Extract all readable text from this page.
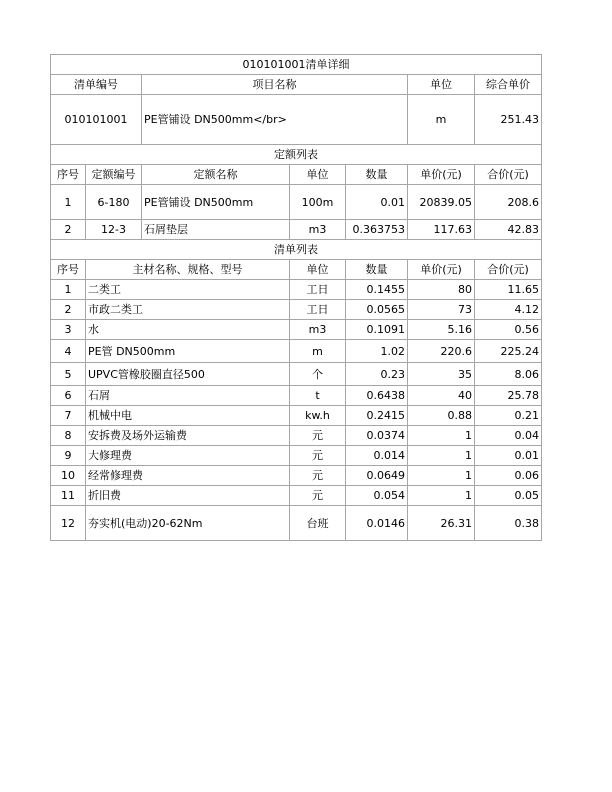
010101001清单详细						
清单编号		项目名称			单位	综合单价
010101001		PE管铺设 DN500mm</br>			m	251.43
定额列表						
序号	定额编号	定额名称	单位	数量	单价(元)	合价(元)
1	6-180	PE管铺设 DN500mm	100m	0.01	20839.05	208.6
2	12-3	石屑垫层	m3	0.363753	117.63	42.83
清单列表						
序号	主材名称、规格、型号		单位	数量	单价(元)	合价(元)
1	二类工		工日	0.1455	80	11.65
2	市政二类工		工日	0.0565	73	4.12
3	水		m3	0.1091	5.16	0.56
4	PE管 DN500mm		m	1.02	220.6	225.24
5	UPVC管橡胶圈直径500		个	0.23	35	8.06
6	石屑		t	0.6438	40	25.78
7	机械中电		kw.h	0.2415	0.88	0.21
8	安拆费及场外运输费		元	0.0374	1	0.04
9	大修理费		元	0.014	1	0.01
10	经常修理费		元	0.0649	1	0.06
11	折旧费		元	0.054	1	0.05
12	夯实机(电动)20-62Nm		台班	0.0146	26.31	0.38
